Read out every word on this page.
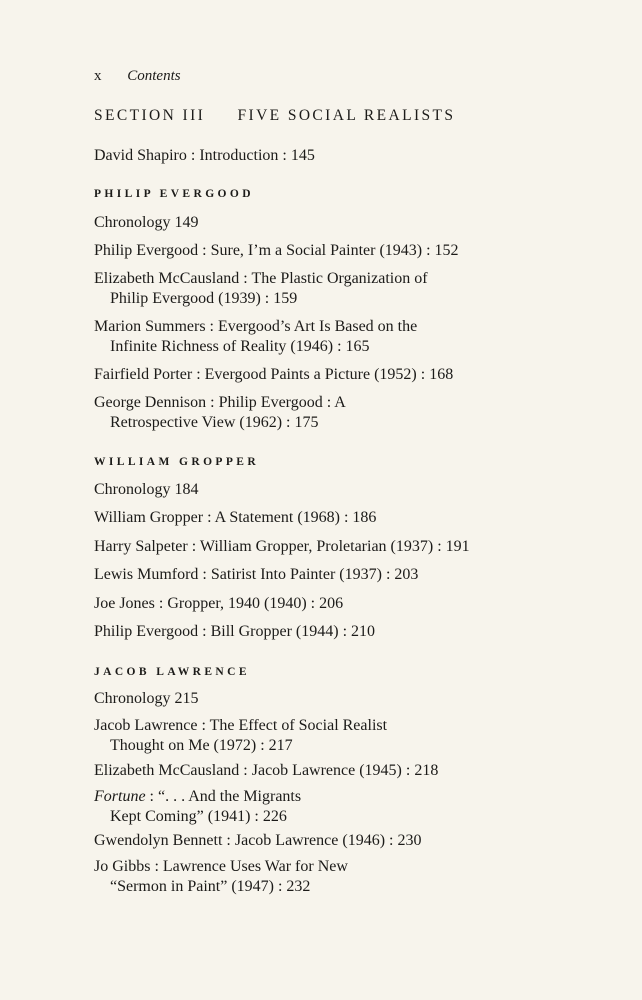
x Contents
SECTION III FIVE SOCIAL REALISTS
David Shapiro : Introduction : 145
PHILIP EVERGOOD
Chronology 149
Philip Evergood : Sure, I’m a Social Painter (1943) : 152
Elizabeth McCausland : The Plastic Organization of
Philip Evergood (1939) : 159
Marion Summers : Evergood’s Art Is Based on the
Infinite Richness of Reality (1946) : 165
Fairfield Porter : Evergood Paints a Picture (1952) : 168
George Dennison : Philip Evergood : A
Retrospective View (1962) : 175
WILLIAM GROPPER
Chronology 184
William Gropper : A Statement (1968) : 186
Harry Salpeter : William Gropper, Proletarian (1937) : 191
Lewis Mumford : Satirist Into Painter (1937) : 203
Joe Jones : Gropper, 1940 (1940) : 206
Philip Evergood : Bill Gropper (1944) : 210
JACOB LAWRENCE
Chronology 215
Jacob Lawrence : The Effect of Social Realist
Thought on Me (1972) : 217
Elizabeth McCausland : Jacob Lawrence (1945) : 218
Fortune : “. . . And the Migrants
Kept Coming” (1941) : 226
Gwendolyn Bennett : Jacob Lawrence (1946) : 230
Jo Gibbs : Lawrence Uses War for New
“Sermon in Paint” (1947) : 232
